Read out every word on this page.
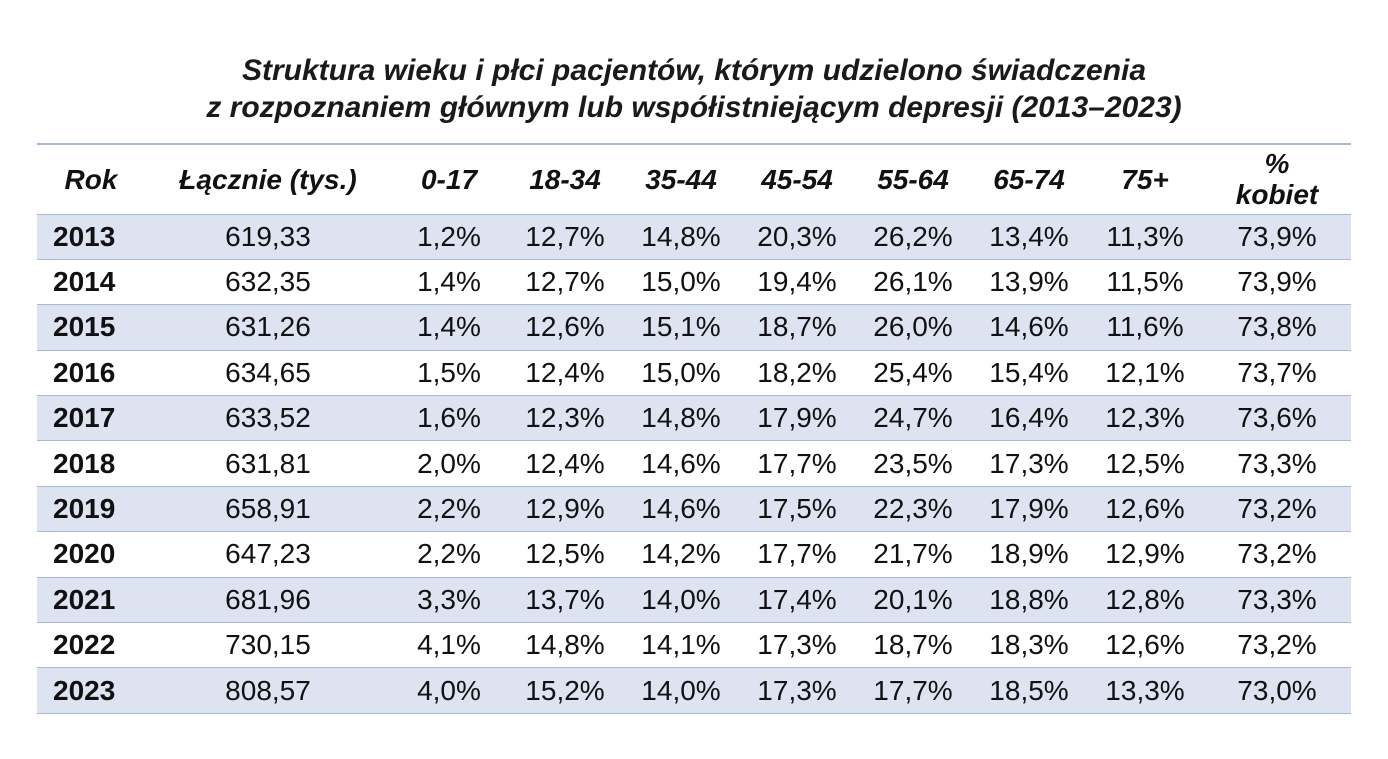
Struktura wieku i płci pacjentów, którym udzielono świadczenia
z rozpoznaniem głównym lub współistniejącym depresji (2013–2023)
Rok	Łącznie (tys.)	0-17	18-34	35-44	45-54	55-64	65-74	75+	%
kobiet

2013	619,33	1,2%	12,7%	14,8%	20,3%	26,2%	13,4%	11,3%	73,9%
2014	632,35	1,4%	12,7%	15,0%	19,4%	26,1%	13,9%	11,5%	73,9%
2015	631,26	1,4%	12,6%	15,1%	18,7%	26,0%	14,6%	11,6%	73,8%
2016	634,65	1,5%	12,4%	15,0%	18,2%	25,4%	15,4%	12,1%	73,7%
2017	633,52	1,6%	12,3%	14,8%	17,9%	24,7%	16,4%	12,3%	73,6%
2018	631,81	2,0%	12,4%	14,6%	17,7%	23,5%	17,3%	12,5%	73,3%
2019	658,91	2,2%	12,9%	14,6%	17,5%	22,3%	17,9%	12,6%	73,2%
2020	647,23	2,2%	12,5%	14,2%	17,7%	21,7%	18,9%	12,9%	73,2%
2021	681,96	3,3%	13,7%	14,0%	17,4%	20,1%	18,8%	12,8%	73,3%
2022	730,15	4,1%	14,8%	14,1%	17,3%	18,7%	18,3%	12,6%	73,2%
2023	808,57	4,0%	15,2%	14,0%	17,3%	17,7%	18,5%	13,3%	73,0%
